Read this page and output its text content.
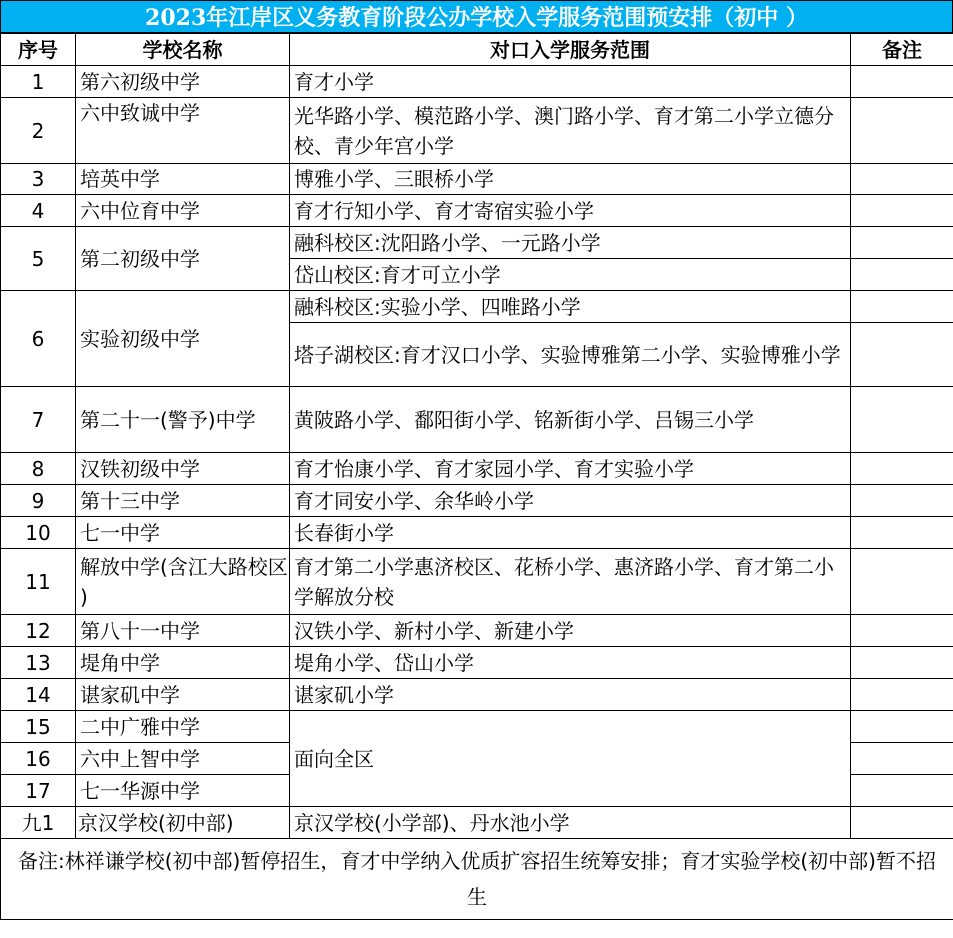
2023年江岸区义务教育阶段公办学校入学服务范围预安排（初中 ）
序号	学校名称	对口入学服务范围	备注
1	第六初级中学	育才小学	
2	六中致诚中学	光华路小学、模范路小学、澳门路小学、育才第二小学立德分校、青少年宫小学	
3	培英中学	博雅小学、三眼桥小学	
4	六中位育中学	育才行知小学、育才寄宿实验小学	
5	第二初级中学	融科校区:沈阳路小学、一元路小学	
		岱山校区:育才可立小学	
6	实验初级中学	融科校区:实验小学、四唯路小学	
		塔子湖校区:育才汉口小学、实验博雅第二小学、实验博雅小学	
7	第二十一(警予)中学	黄陂路小学、鄱阳街小学、铭新街小学、吕锡三小学	
8	汉铁初级中学	育才怡康小学、育才家园小学、育才实验小学	
9	第十三中学	育才同安小学、余华岭小学	
10	七一中学	长春街小学	
11	解放中学(含江大路校区 )	育才第二小学惠济校区、花桥小学、惠济路小学、育才第二小学解放分校	
12	第八十一中学	汉铁小学、新村小学、新建小学	
13	堤角中学	堤角小学、岱山小学	
14	谌家矶中学	谌家矶小学	
15	二中广雅中学	面向全区	
16	六中上智中学		
17	七一华源中学		
九1	京汉学校(初中部)	京汉学校(小学部)、丹水池小学	
备注:林祥谦学校(初中部)暂停招生，育才中学纳入优质扩容招生统筹安排；育才实验学校(初中部)暂不招生			
